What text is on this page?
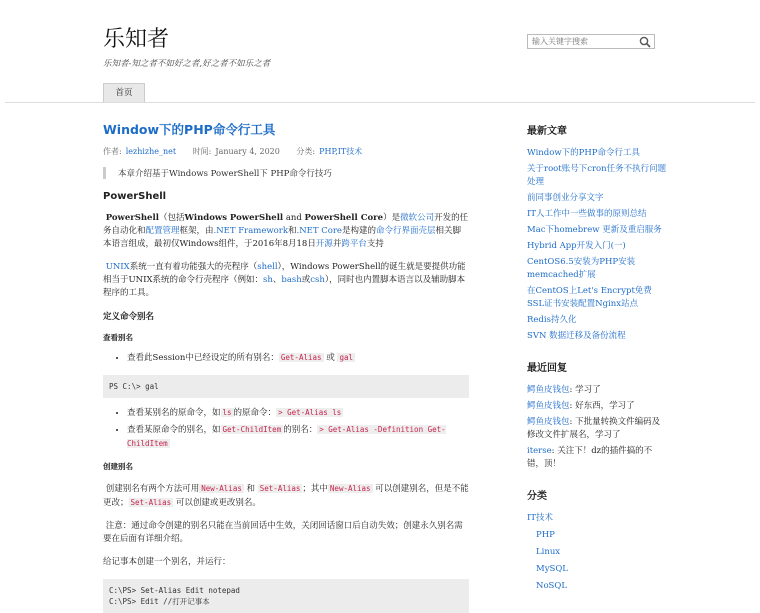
乐知者
乐知者-知之者不如好之者,好之者不如乐之者
输入关键字搜索
首页
Window下的PHP命令行工具
作者: lezhizhe_net 时间: January 4, 2020 分类: PHP,IT技术
本章介绍基于Windows PowerShell下 PHP命令行技巧
PowerShell
PowerShell（包括Windows PowerShell and PowerShell Core）是微软公司开发的任务自动化和配置管理框架，由.NET Framework和.NET Core是构建的命令行界面壳层相关脚本语言组成，最初仅Windows组件，于2016年8月18日开源并跨平台支持
UNIX系统一直有着功能强大的壳程序（shell），Windows PowerShell的诞生就是要提供功能相当于UNIX系统的命令行壳程序（例如：sh、bash或csh），同时也内置脚本语言以及辅助脚本程序的工具。
定义命令别名
查看别名
• 查看此Session中已经设定的所有别名： Get-Alias 或 gal
PS C:\> gal
• 查看某别名的原命令，如 ls 的原命令： > Get-Alias ls
• 查看某原命令的别名，如 Get-ChildItem 的别名： > Get-Alias -Definition Get-ChildItem
创建别名
创建别名有两个方法可用 New-Alias 和 Set-Alias ；其中 New-Alias 可以创建别名，但是不能更改； Set-Alias 可以创建或更改别名。
注意：通过命令创建的别名只能在当前回话中生效，关闭回话窗口后自动失效；创建永久别名需要在后面有详细介绍。
给记事本创建一个别名，并运行：
C:\PS> Set-Alias Edit notepad
C:\PS> Edit //打开记事本
最新文章
Window下的PHP命令行工具
关于root账号下cron任务不执行问题处理
前同事创业分享文字
IT人工作中一些做事的原则总结
Mac下homebrew 更新及重启服务
Hybrid App开发入门(一)
CentOS6.5安装为PHP安装memcached扩展
在CentOS上Let's Encrypt免费SSL证书安装配置Nginx站点
Redis持久化
SVN 数据迁移及备份流程
最近回复
鳄鱼皮钱包: 学习了
鳄鱼皮钱包: 好东西，学习了
鳄鱼皮钱包: 下批量转换文件编码及修改文件扩展名，学习了
iterse: 关注下！dz的插件搞的不错，顶！
分类
IT技术
PHP
Linux
MySQL
NoSQL
